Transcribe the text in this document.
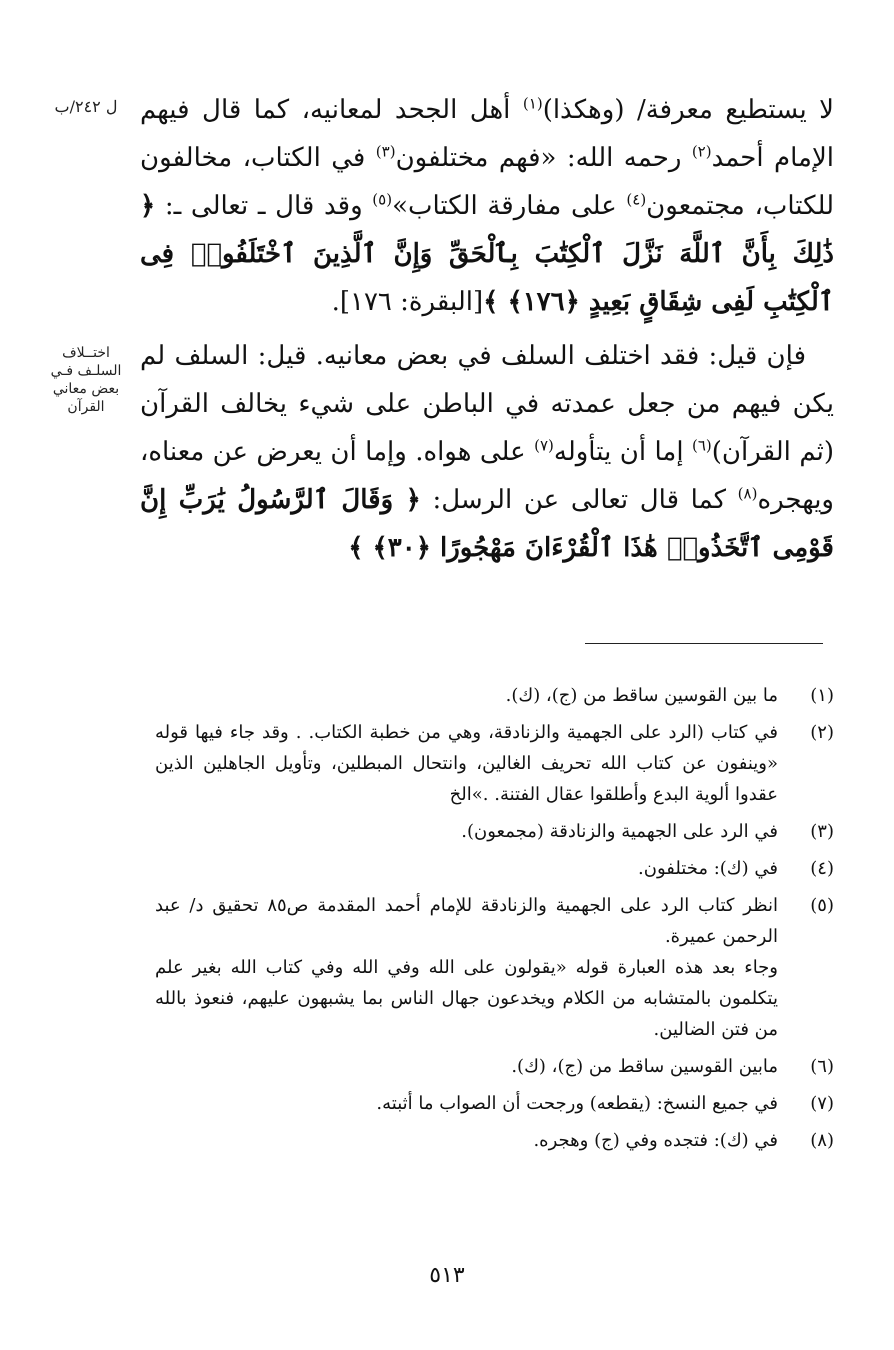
ل ٢٤٢/ب
اختــلاف السلـف فـي بعض معاني القرآن

لا يستطيع معرفة/ (وهكذا)$^{(١)}$ أهل الجحد لمعانيه، كما قال فيهم الإمام أحمد$^{(٢)}$ رحمه الله: «فهم مختلفون$^{(٣)}$ في الكتاب، مخالفون للكتاب، مجتمعون$^{(٤)}$ على مفارقة الكتاب»$^{(٥)}$ وقد قال ـ تعالى ـ: ﴿ ذَٰلِكَ بِأَنَّ ٱللَّهَ نَزَّلَ ٱلْكِتَٰبَ بِٱلْحَقِّ وَإِنَّ ٱلَّذِينَ ٱخْتَلَفُوا۟ فِى ٱلْكِتَٰبِ لَفِى شِقَاقٍ بَعِيدٍ ﴿١٧٦﴾ ﴾[البقرة: ١٧٦].

فإن قيل: فقد اختلف السلف في بعض معانيه. قيل: السلف لم يكن فيهم من جعل عمدته في الباطن على شيء يخالف القرآن (ثم القرآن)$^{(٦)}$ إما أن يتأوله$^{(٧)}$ على هواه. وإما أن يعرض عن معناه، ويهجره$^{(٨)}$ كما قال تعالى عن الرسل: ﴿ وَقَالَ ٱلرَّسُولُ يَٰرَبِّ إِنَّ قَوْمِى ٱتَّخَذُوا۟ هَٰذَا ٱلْقُرْءَانَ مَهْجُورًا ﴿٣٠﴾ ﴾

(١)

ما بين القوسين ساقط من (ج)، (ك).

(٢)

في كتاب (الرد على الجهمية والزنادقة، وهي من خطبة الكتاب. . وقد جاء فيها قوله «وينفون عن كتاب الله تحريف الغالين، وانتحال المبطلين، وتأويل الجاهلين الذين عقدوا ألوية البدع وأطلقوا عقال الفتنة. .»الخ

(٣)

في الرد على الجهمية والزنادقة (مجمعون).

(٤)

في (ك): مختلفون.

(٥)

انظر كتاب الرد على الجهمية والزنادقة للإمام أحمد المقدمة ص٨٥ تحقيق د/ عبد الرحمن عميرة.

وجاء بعد هذه العبارة قوله «يقولون على الله وفي الله وفي كتاب الله بغير علم يتكلمون بالمتشابه من الكلام ويخدعون جهال الناس بما يشبهون عليهم، فنعوذ بالله من فتن الضالين.

(٦)

مابين القوسين ساقط من (ج)، (ك).

(٧)

في جميع النسخ: (يقطعه) ورجحت أن الصواب ما أثبته.

(٨)

في (ك): فتجده وفي (ج) وهجره.

٥١٣
